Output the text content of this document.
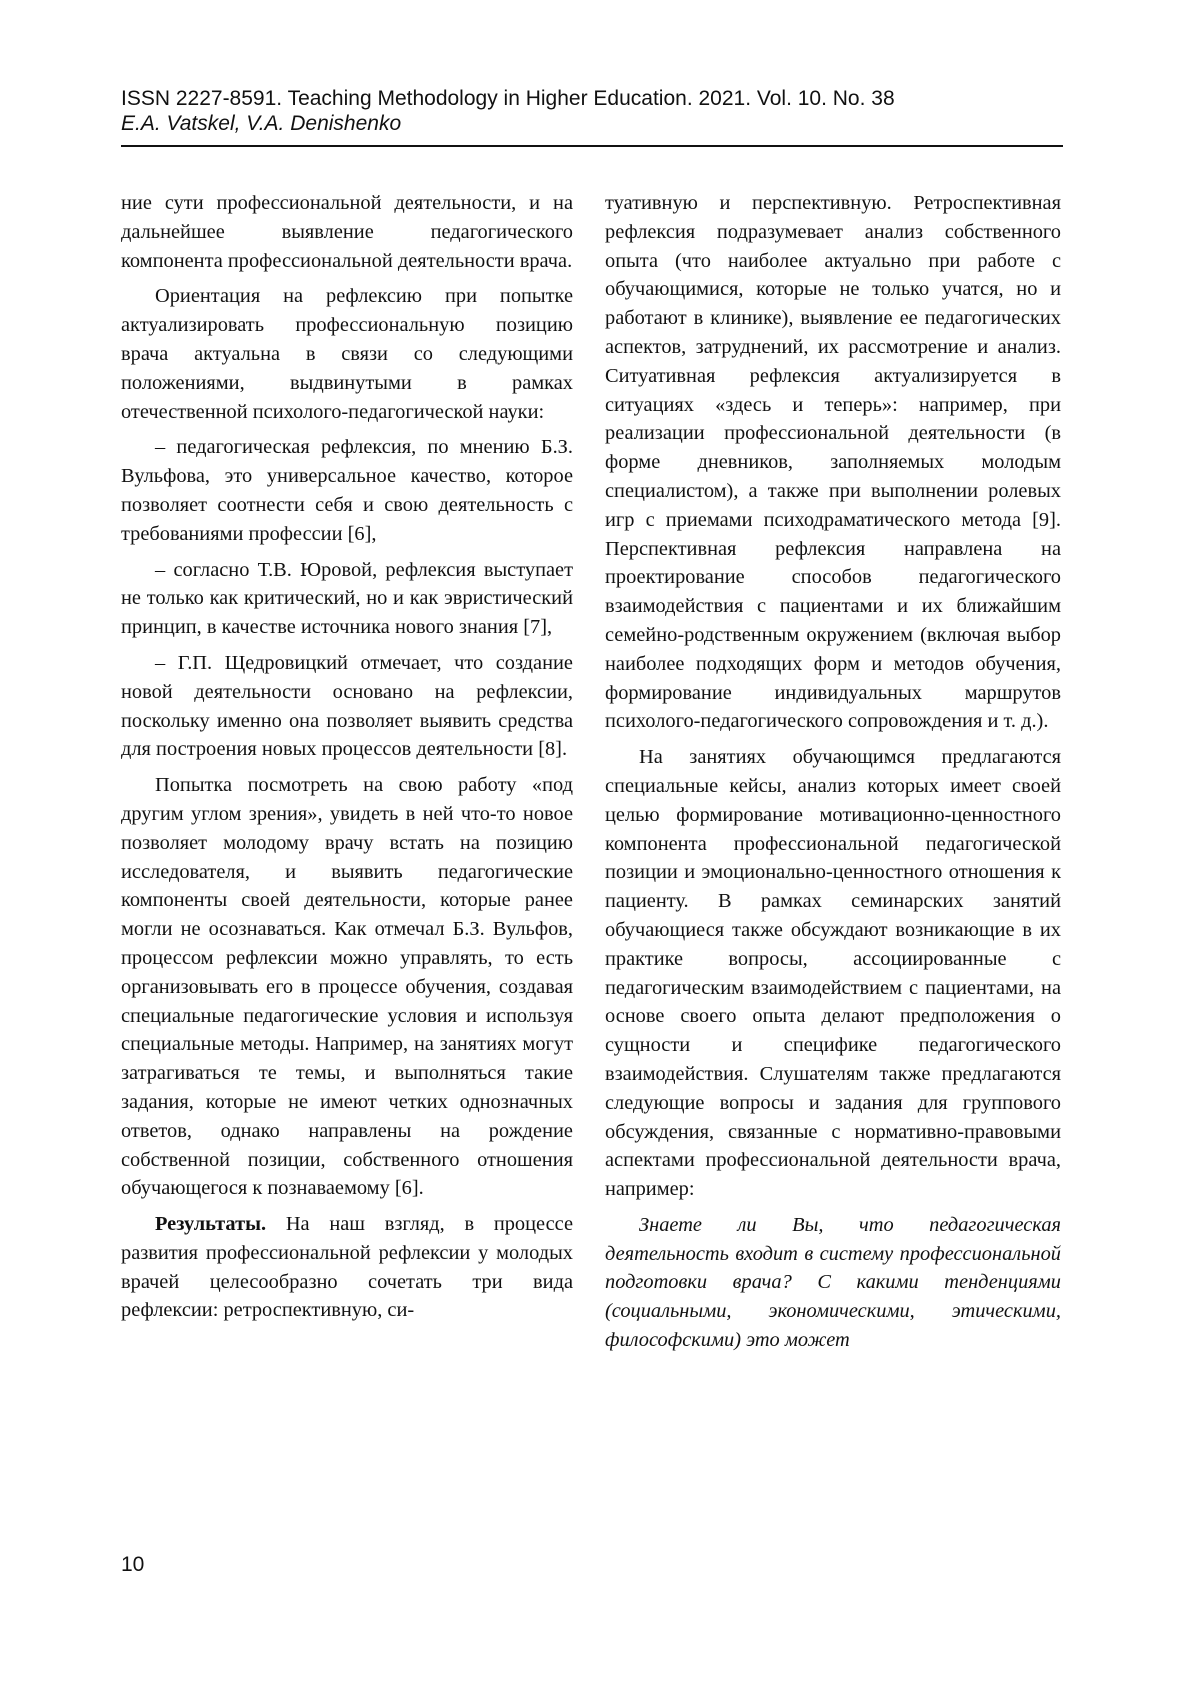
ISSN 2227-8591. Teaching Methodology in Higher Education. 2021. Vol. 10. No. 38
E.A. Vatskel, V.A. Denishenko

ние сути профессиональной деятельности, и на дальнейшее выявление педагогического компонента профессиональной деятельности врача.

Ориентация на рефлексию при попытке актуализировать профессиональную позицию врача актуальна в связи со следующими положениями, выдвинутыми в рамках отечественной психолого-педагогической науки:

– педагогическая рефлексия, по мнению Б.З. Вульфова, это универсальное качество, которое позволяет соотнести себя и свою деятельность с требованиями профессии [6],

– согласно Т.В. Юровой, рефлексия выступает не только как критический, но и как эвристический принцип, в качестве источника нового знания [7],

– Г.П. Щедровицкий отмечает, что создание новой деятельности основано на рефлексии, поскольку именно она позволяет выявить средства для построения новых процессов деятельности [8].

Попытка посмотреть на свою работу «под другим углом зрения», увидеть в ней что-то новое позволяет молодому врачу встать на позицию исследователя, и выявить педагогические компоненты своей деятельности, которые ранее могли не осознаваться. Как отмечал Б.З. Вульфов, процессом рефлексии можно управлять, то есть организовывать его в процессе обучения, создавая специальные педагогические условия и используя специальные методы. Например, на занятиях могут затрагиваться те темы, и выполняться такие задания, которые не имеют четких однозначных ответов, однако направлены на рождение собственной позиции, собственного отношения обучающегося к познаваемому [6].

Результаты. На наш взгляд, в процессе развития профессиональной рефлексии у молодых врачей целесообразно сочетать три вида рефлексии: ретроспективную, си-

туативную и перспективную. Ретроспективная рефлексия подразумевает анализ собственного опыта (что наиболее актуально при работе с обучающимися, которые не только учатся, но и работают в клинике), выявление ее педагогических аспектов, затруднений, их рассмотрение и анализ. Ситуативная рефлексия актуализируется в ситуациях «здесь и теперь»: например, при реализации профессиональной деятельности (в форме дневников, заполняемых молодым специалистом), а также при выполнении ролевых игр с приемами психодраматического метода [9]. Перспективная рефлексия направлена на проектирование способов педагогического взаимодействия с пациентами и их ближайшим семейно-родственным окружением (включая выбор наиболее подходящих форм и методов обучения, формирование индивидуальных маршрутов психолого-педагогического сопровождения и т. д.).

На занятиях обучающимся предлагаются специальные кейсы, анализ которых имеет своей целью формирование мотивационно-ценностного компонента профессиональной педагогической позиции и эмоционально-ценностного отношения к пациенту. В рамках семинарских занятий обучающиеся также обсуждают возникающие в их практике вопросы, ассоциированные с педагогическим взаимодействием с пациентами, на основе своего опыта делают предположения о сущности и специфике педагогического взаимодействия. Слушателям также предлагаются следующие вопросы и задания для группового обсуждения, связанные с нормативно-правовыми аспектами профессиональной деятельности врача, например:

Знаете ли Вы, что педагогическая деятельность входит в систему профессиональной подготовки врача? С какими тенденциями (социальными, экономическими, этическими, философскими) это может

10
